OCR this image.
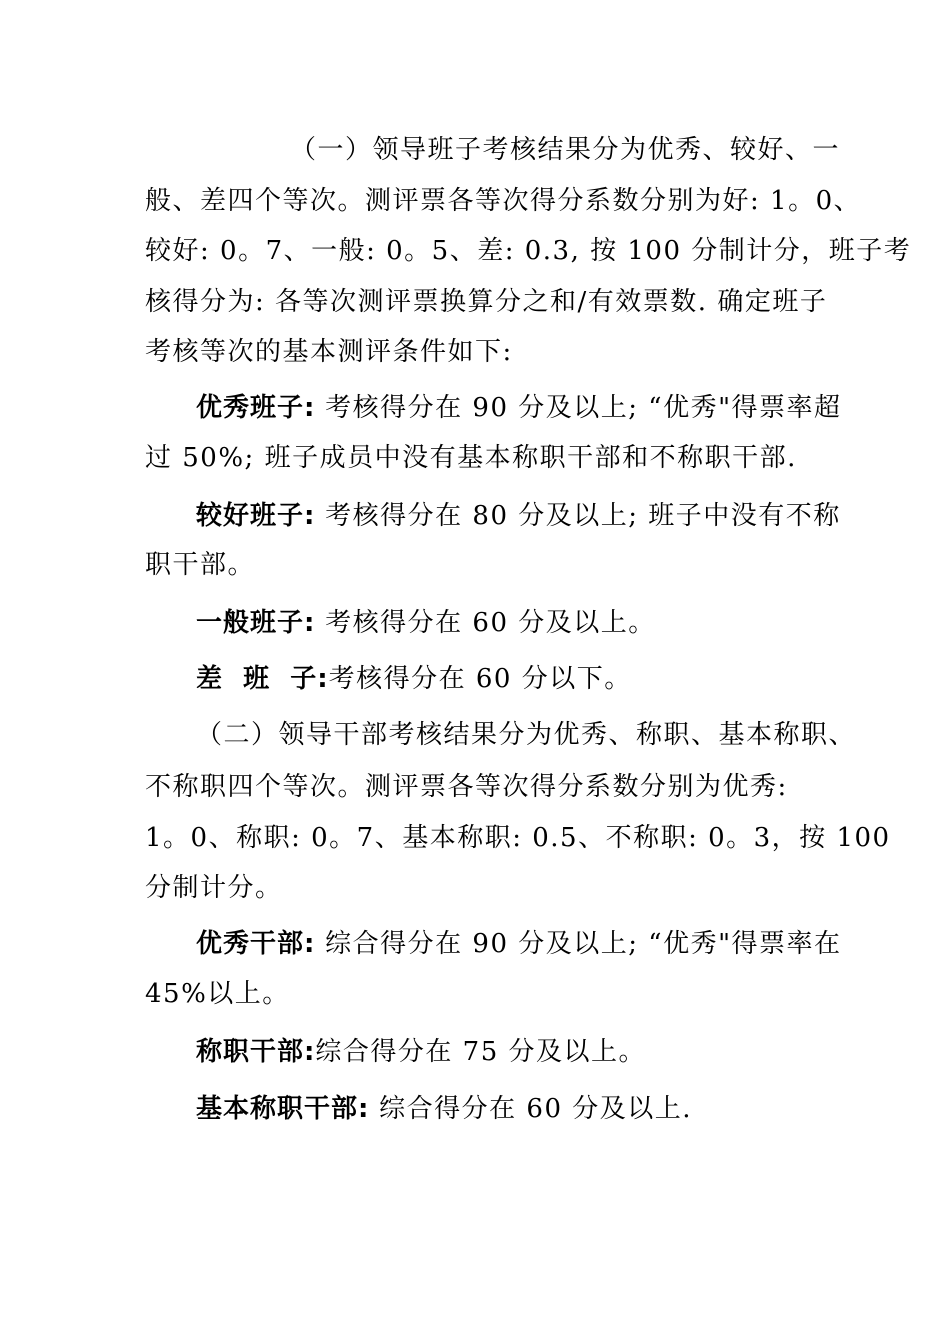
（一）领导班子考核结果分为优秀、较好、一
般、差四个等次。测评票各等次得分系数分别为好: 1。0、
较好: 0。7、一般: 0。5、差: 0.3, 按 100 分制计分，班子考
核得分为: 各等次测评票换算分之和/有效票数. 确定班子
考核等次的基本测评条件如下:
优秀班子: 考核得分在 90 分及以上; “优秀"得票率超
过 50%; 班子成员中没有基本称职干部和不称职干部.
较好班子: 考核得分在 80 分及以上; 班子中没有不称
职干部。
一般班子: 考核得分在 60 分及以上。
差  班  子:考核得分在 60 分以下。
（二）领导干部考核结果分为优秀、称职、基本称职、
不称职四个等次。测评票各等次得分系数分别为优秀:
1。0、称职: 0。7、基本称职: 0.5、不称职: 0。3，按 100
分制计分。
优秀干部: 综合得分在 90 分及以上; “优秀"得票率在
45%以上。
称职干部:综合得分在 75 分及以上。
基本称职干部: 综合得分在 60 分及以上.
